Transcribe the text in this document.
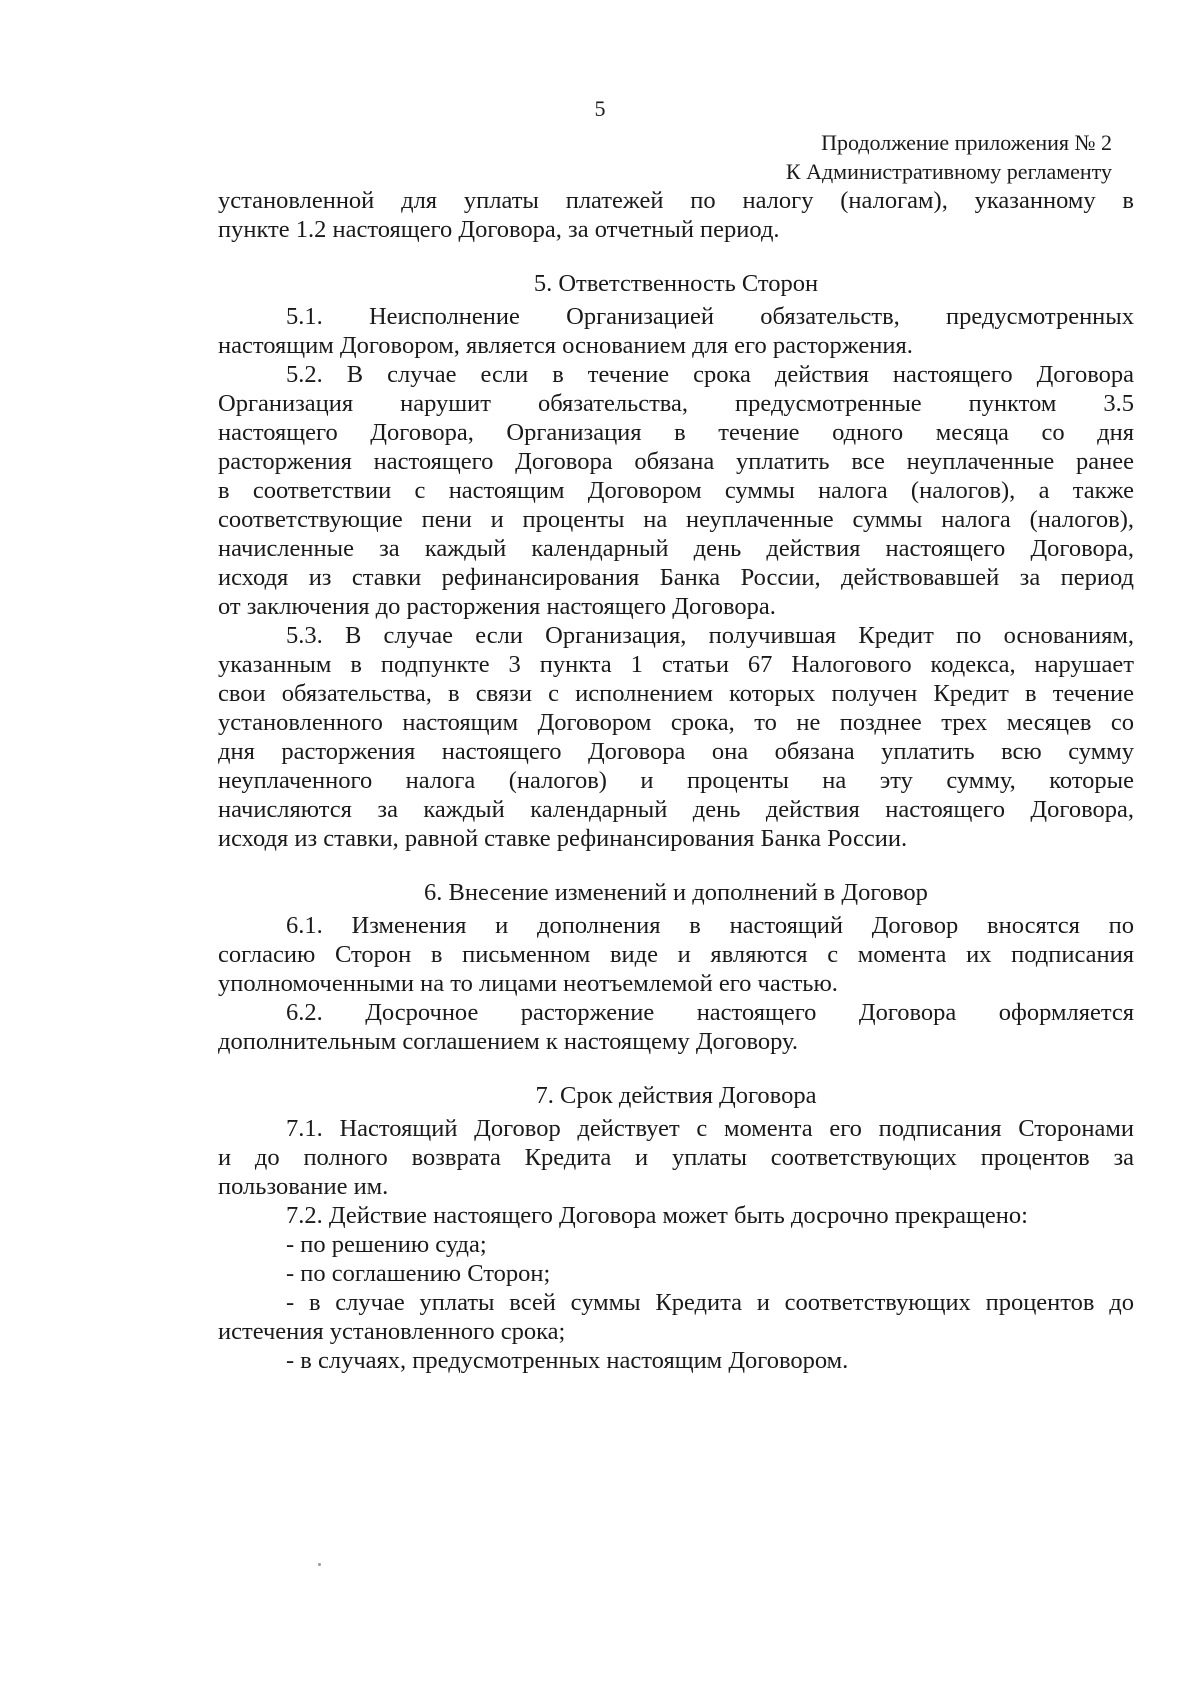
5
Продолжение приложения № 2
К Административному регламенту
установленной для уплаты платежей по налогу (налогам), указанному в
пункте 1.2 настоящего Договора, за отчетный период.
5. Ответственность Сторон
5.1. Неисполнение Организацией обязательств, предусмотренных
настоящим Договором, является основанием для его расторжения.
5.2. В случае если в течение срока действия настоящего Договора
Организация нарушит обязательства, предусмотренные пунктом 3.5
настоящего Договора, Организация в течение одного месяца со дня
расторжения настоящего Договора обязана уплатить все неуплаченные ранее
в соответствии с настоящим Договором суммы налога (налогов), а также
соответствующие пени и проценты на неуплаченные суммы налога (налогов),
начисленные за каждый календарный день действия настоящего Договора,
исходя из ставки рефинансирования Банка России, действовавшей за период
от заключения до расторжения настоящего Договора.
5.3. В случае если Организация, получившая Кредит по основаниям,
указанным в подпункте 3 пункта 1 статьи 67 Налогового кодекса, нарушает
свои обязательства, в связи с исполнением которых получен Кредит в течение
установленного настоящим Договором срока, то не позднее трех месяцев со
дня расторжения настоящего Договора она обязана уплатить всю сумму
неуплаченного налога (налогов) и проценты на эту сумму, которые
начисляются за каждый календарный день действия настоящего Договора,
исходя из ставки, равной ставке рефинансирования Банка России.
6. Внесение изменений и дополнений в Договор
6.1. Изменения и дополнения в настоящий Договор вносятся по
согласию Сторон в письменном виде и являются с момента их подписания
уполномоченными на то лицами неотъемлемой его частью.
6.2. Досрочное расторжение настоящего Договора оформляется
дополнительным соглашением к настоящему Договору.
7. Срок действия Договора
7.1. Настоящий Договор действует с момента его подписания Сторонами
и до полного возврата Кредита и уплаты соответствующих процентов за
пользование им.
7.2. Действие настоящего Договора может быть досрочно прекращено:
- по решению суда;
- по соглашению Сторон;
- в случае уплаты всей суммы Кредита и соответствующих процентов до
истечения установленного срока;
- в случаях, предусмотренных настоящим Договором.
